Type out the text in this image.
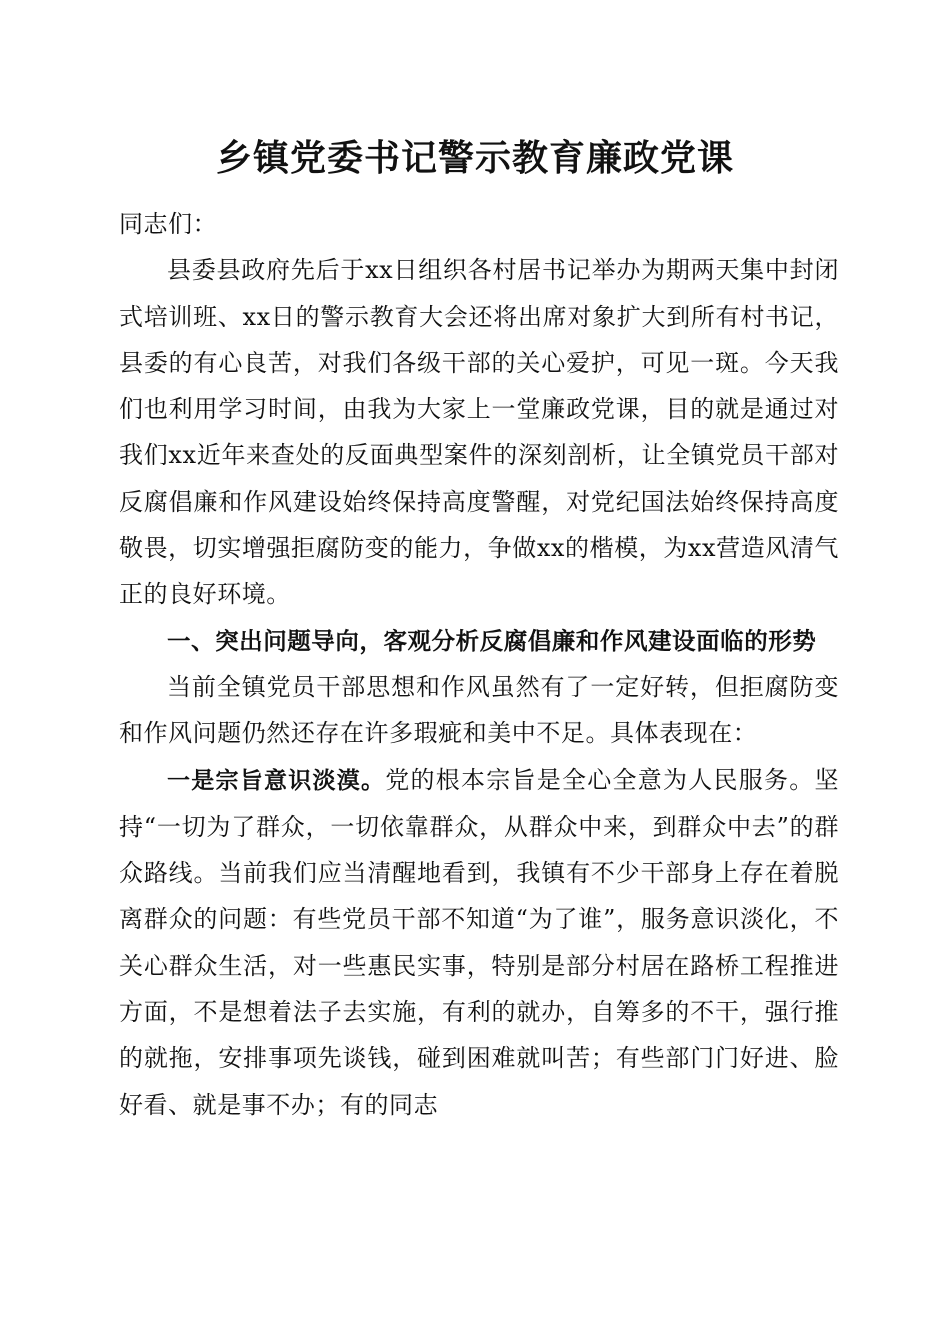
乡镇党委书记警示教育廉政党课

同志们：

县委县政府先后于xx日组织各村居书记举办为期两天集中封闭式培训班、xx日的警示教育大会还将出席对象扩大到所有村书记，县委的有心良苦，对我们各级干部的关心爱护，可见一斑。今天我们也利用学习时间，由我为大家上一堂廉政党课，目的就是通过对我们xx近年来查处的反面典型案件的深刻剖析，让全镇党员干部对反腐倡廉和作风建设始终保持高度警醒，对党纪国法始终保持高度敬畏，切实增强拒腐防变的能力，争做xx的楷模，为xx营造风清气正的良好环境。

一、突出问题导向，客观分析反腐倡廉和作风建设面临的形势

当前全镇党员干部思想和作风虽然有了一定好转，但拒腐防变和作风问题仍然还存在许多瑕疵和美中不足。具体表现在：

一是宗旨意识淡漠。党的根本宗旨是全心全意为人民服务。坚持“一切为了群众，一切依靠群众，从群众中来，到群众中去”的群众路线。当前我们应当清醒地看到，我镇有不少干部身上存在着脱离群众的问题：有些党员干部不知道“为了谁”，服务意识淡化，不关心群众生活，对一些惠民实事，特别是部分村居在路桥工程推进方面，不是想着法子去实施，有利的就办，自筹多的不干，强行推的就拖，安排事项先谈钱，碰到困难就叫苦；有些部门门好进、脸好看、就是事不办；有的同志
